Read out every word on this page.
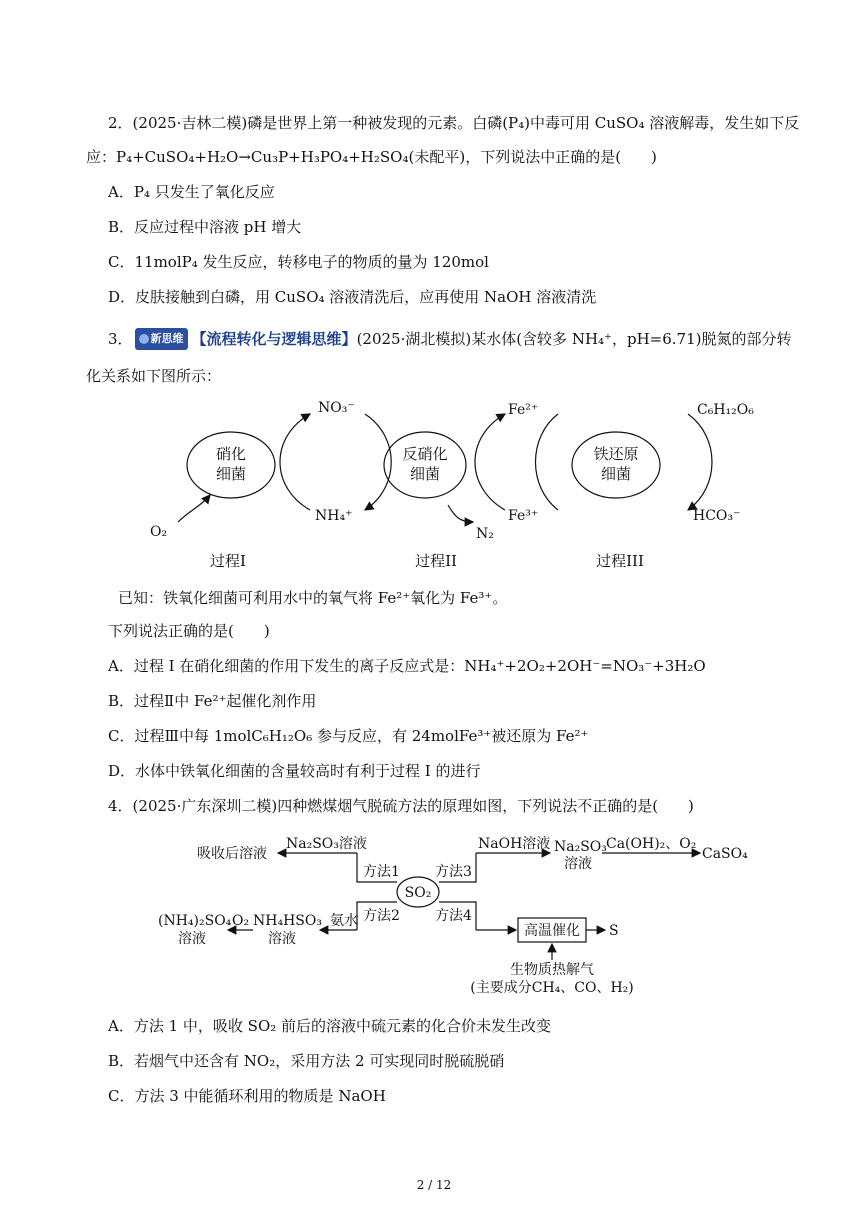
2．(2025·吉林二模)磷是世界上第一种被发现的元素。白磷(P₄)中毒可用 CuSO₄ 溶液解毒，发生如下反
应：P₄+CuSO₄+H₂O→Cu₃P+H₃PO₄+H₂SO₄(未配平)，下列说法中正确的是(　　)
A．P₄ 只发生了氧化反应
B．反应过程中溶液 pH 增大
C．11molP₄ 发生反应，转移电子的物质的量为 120mol
D．皮肤接触到白磷，用 CuSO₄ 溶液清洗后，应再使用 NaOH 溶液清洗
3． 新思维 【流程转化与逻辑思维】(2025·湖北模拟)某水体(含较多 NH₄⁺，pH=6.71)脱氮的部分转
化关系如下图所示：
硝化
细菌
反硝化
细菌
铁还原
细菌
NO₃⁻
NH₄⁺
O₂	N₂
Fe²⁺
Fe³⁺
C₆H₁₂O₆
HCO₃⁻
过程I	过程II	过程III
已知：铁氧化细菌可利用水中的氧气将 Fe²⁺氧化为 Fe³⁺。
下列说法正确的是(　　)
A．过程 I 在硝化细菌的作用下发生的离子反应式是：NH₄⁺+2O₂+2OH⁻=NO₃⁻+3H₂O
B．过程Ⅱ中 Fe²⁺起催化剂作用
C．过程Ⅲ中每 1molC₆H₁₂O₆ 参与反应，有 24molFe³⁺被还原为 Fe²⁺
D．水体中铁氧化细菌的含量较高时有利于过程 I 的进行
4．(2025·广东深圳二模)四种燃煤烟气脱硫方法的原理如图，下列说法不正确的是(　　)
SO₂
方法1	方法3
方法2	方法4
Na₂SO₃溶液
吸收后溶液
NaOH溶液 Na₂SO₃
溶液
Ca(OH)₂、O₂
CaSO₄
氨水
NH₄HSO₃
溶液
O₂
(NH₄)₂SO₄
溶液	高温催化 S
生物质热解气
(主要成分CH₄、CO、H₂)
A．方法 1 中，吸收 SO₂ 前后的溶液中硫元素的化合价未发生改变
B．若烟气中还含有 NO₂，采用方法 2 可实现同时脱硫脱硝
C．方法 3 中能循环利用的物质是 NaOH
2 / 12
